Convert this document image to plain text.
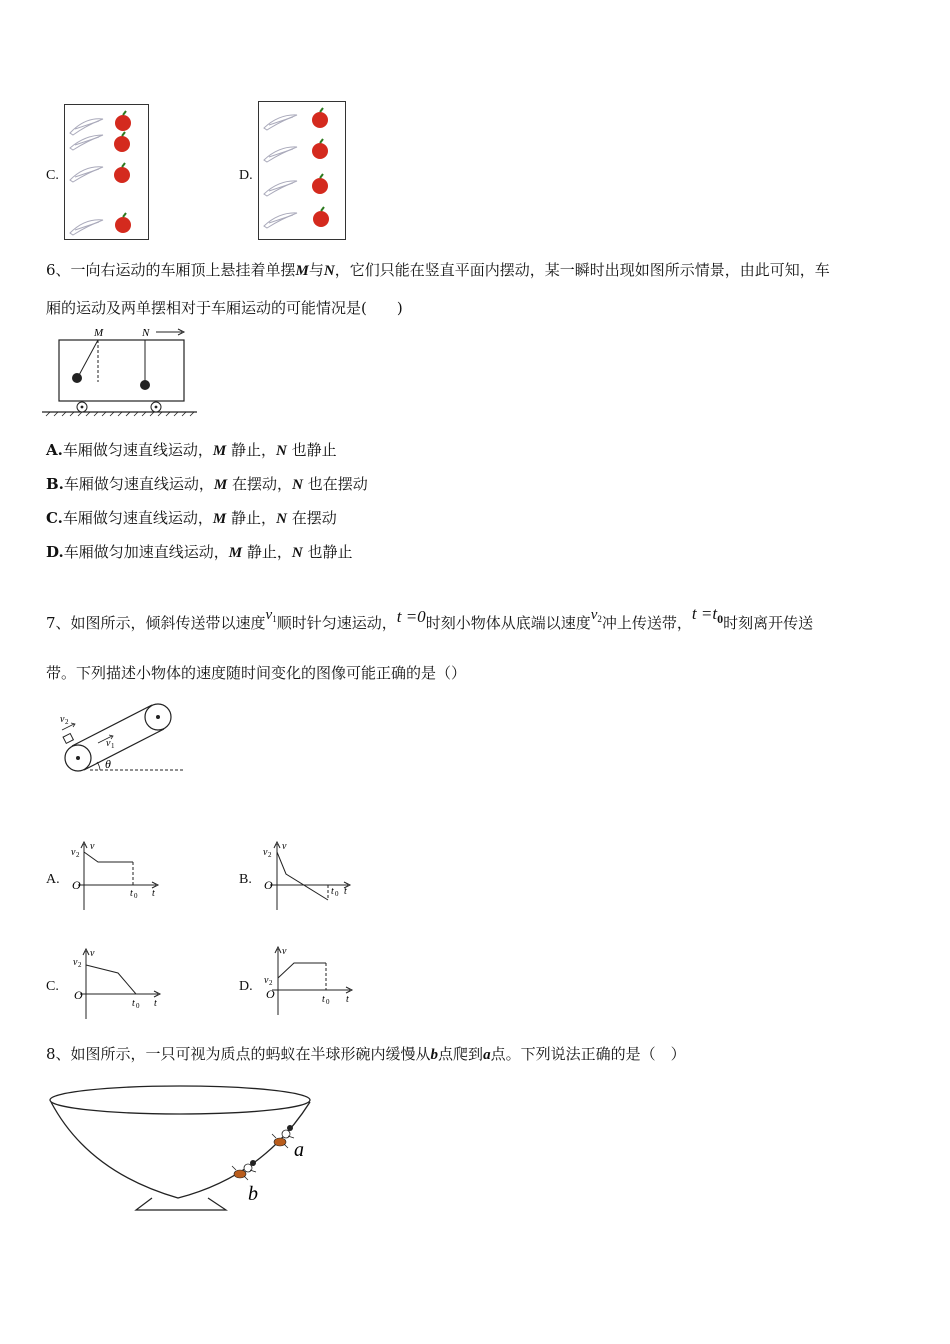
C.	D.
6、一向右运动的车厢顶上悬挂着单摆M与N，它们只能在竖直平面内摆动，某一瞬时出现如图所示情景，由此可知，车
厢的运动及两单摆相对于车厢运动的可能情况是(　　)
M	N
A.车厢做匀速直线运动，M 静止，N 也静止
B.车厢做匀速直线运动，M 在摆动，N 也在摆动
C.车厢做匀速直线运动，M 静止，N 在摆动
D.车厢做匀加速直线运动，M 静止，N 也静止
7、如图所示，倾斜传送带以速度$v^1$顺时针匀速运动，t =0时刻小物体从底端以速度$v^2$冲上传送带，$t =t^0$时刻离开传送
带。下列描述小物体的速度随时间变化的图像可能正确的是（）
v 2
v 1
θ
A.
v
v 2
O
t 0 t
B.
v
v 2
O	t 0 t
C.
v
v 2
O
t 0 t
D.
v
v 2
O	t 0 t
8、如图所示，一只可视为质点的蚂蚁在半球形碗内缓慢从b点爬到a点。下列说法正确的是（　）
a
b
